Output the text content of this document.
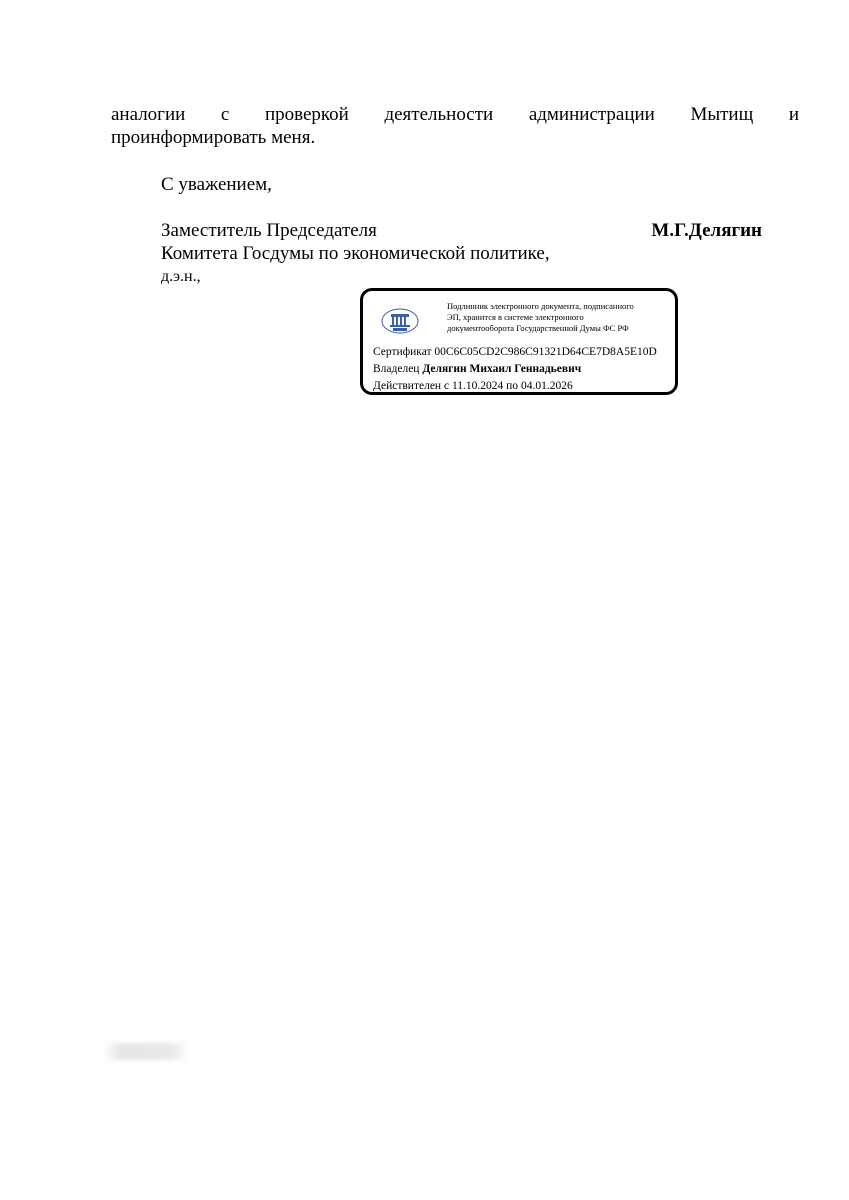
аналогии с проверкой деятельности администрации Мытищ и
проинформировать меня.
С уважением,
Заместитель Председателя	М.Г.Делягин
Комитета Госдумы по экономической политике,
д.э.н.,
Подлинник электронного документа, подписанного
ЭП, хранится в системе электронного
документооборота Государственной Думы ФС РФ
Сертификат 00C6C05CD2C986C91321D64CE7D8A5E10D
Владелец Делягин Михаил Геннадьевич
Действителен с 11.10.2024 по 04.01.2026
